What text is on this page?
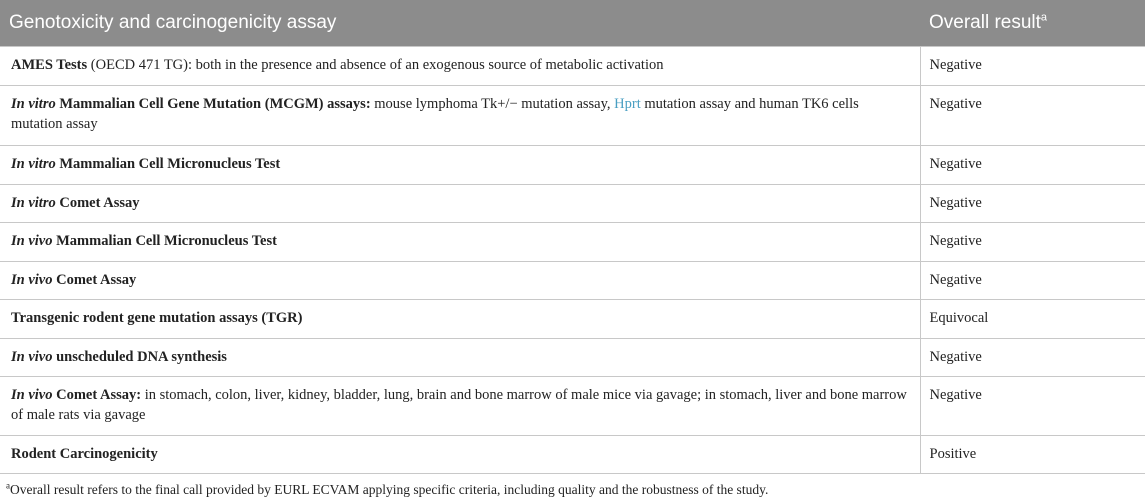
Genotoxicity and carcinogenicity assay	Overall result$^a$
AMES Tests (OECD 471 TG): both in the presence and absence of an exogenous source of metabolic activation	Negative
In vitro Mammalian Cell Gene Mutation (MCGM) assays: mouse lymphoma Tk+/− mutation assay, Hprt mutation assay and human TK6 cells mutation assay	Negative
In vitro Mammalian Cell Micronucleus Test	Negative
In vitro Comet Assay	Negative
In vivo Mammalian Cell Micronucleus Test	Negative
In vivo Comet Assay	Negative
Transgenic rodent gene mutation assays (TGR)	Equivocal
In vivo unscheduled DNA synthesis	Negative
In vivo Comet Assay: in stomach, colon, liver, kidney, bladder, lung, brain and bone marrow of male mice via gavage; in stomach, liver and bone marrow of male rats via gavage	Negative
Rodent Carcinogenicity	Positive

$^a$Overall result refers to the final call provided by EURL ECVAM applying specific criteria, including quality and the robustness of the study.
